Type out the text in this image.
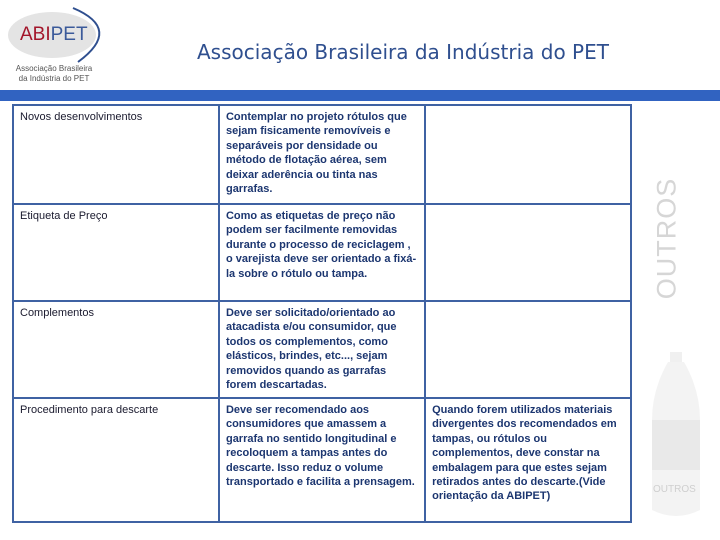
ABIPET
Associação Brasileira
da Indústria do PET
Associação Brasileira da Indústria do PET
Novos desenvolvimentos	Contemplar no projeto rótulos que sejam fisicamente removíveis e separáveis por densidade ou método de flotação aérea, sem deixar aderência ou tinta nas garrafas.	
Etiqueta de Preço	Como as etiquetas de preço não podem ser facilmente removidas durante o processo de reciclagem , o varejista deve ser orientado a fixá-la sobre o rótulo ou tampa.	
Complementos	Deve ser solicitado/orientado ao atacadista e/ou consumidor, que todos os complementos, como elásticos, brindes, etc..., sejam removidos quando as garrafas forem descartadas.	
Procedimento para descarte	Deve ser recomendado aos consumidores que amassem a garrafa no sentido longitudinal e recoloquem a tampas antes do descarte. Isso reduz o volume transportado e facilita a prensagem.	Quando forem utilizados materiais divergentes dos recomendados em tampas, ou rótulos ou complementos, deve constar na embalagem para que estes sejam retirados antes do descarte.(Vide orientação da ABIPET)
OUTROS
OUTROS
